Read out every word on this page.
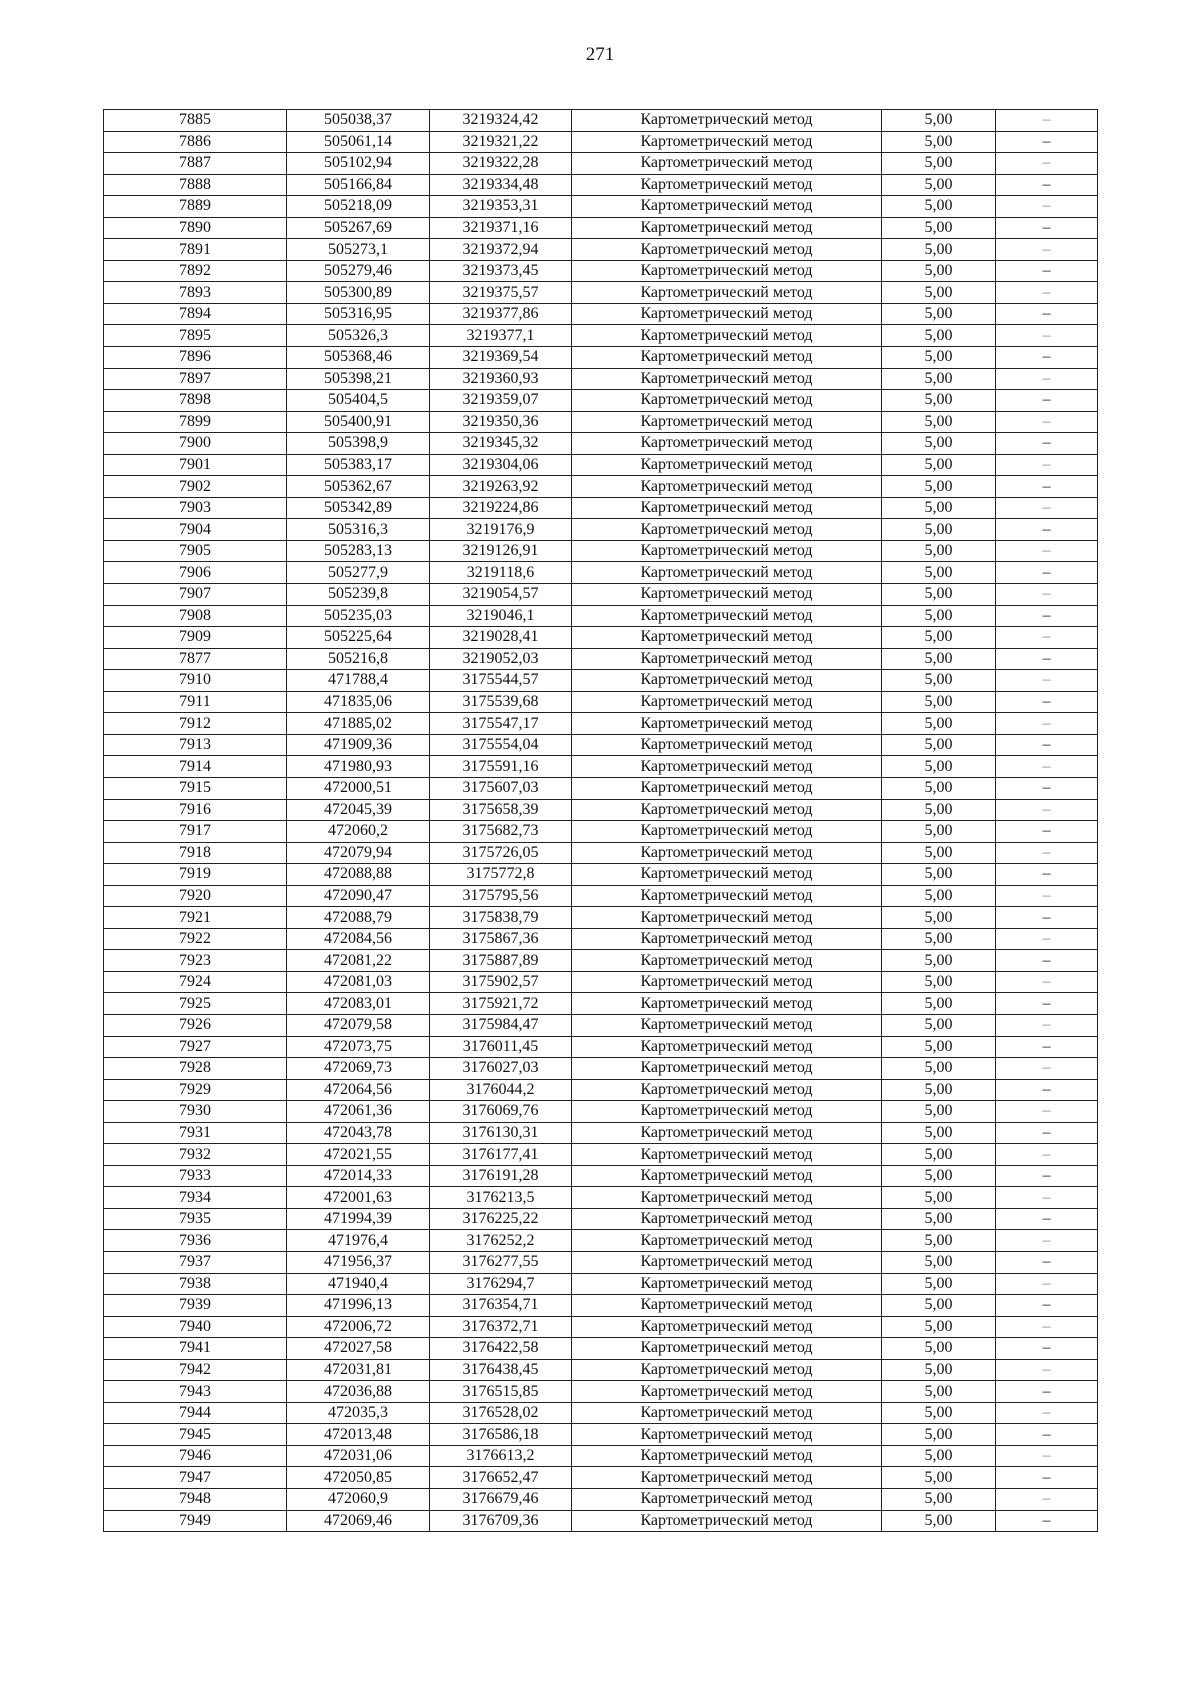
271
7885	505038,37	3219324,42	Картометрический метод	5,00	–
7886	505061,14	3219321,22	Картометрический метод	5,00	–
7887	505102,94	3219322,28	Картометрический метод	5,00	–
7888	505166,84	3219334,48	Картометрический метод	5,00	–
7889	505218,09	3219353,31	Картометрический метод	5,00	–
7890	505267,69	3219371,16	Картометрический метод	5,00	–
7891	505273,1	3219372,94	Картометрический метод	5,00	–
7892	505279,46	3219373,45	Картометрический метод	5,00	–
7893	505300,89	3219375,57	Картометрический метод	5,00	–
7894	505316,95	3219377,86	Картометрический метод	5,00	–
7895	505326,3	3219377,1	Картометрический метод	5,00	–
7896	505368,46	3219369,54	Картометрический метод	5,00	–
7897	505398,21	3219360,93	Картометрический метод	5,00	–
7898	505404,5	3219359,07	Картометрический метод	5,00	–
7899	505400,91	3219350,36	Картометрический метод	5,00	–
7900	505398,9	3219345,32	Картометрический метод	5,00	–
7901	505383,17	3219304,06	Картометрический метод	5,00	–
7902	505362,67	3219263,92	Картометрический метод	5,00	–
7903	505342,89	3219224,86	Картометрический метод	5,00	–
7904	505316,3	3219176,9	Картометрический метод	5,00	–
7905	505283,13	3219126,91	Картометрический метод	5,00	–
7906	505277,9	3219118,6	Картометрический метод	5,00	–
7907	505239,8	3219054,57	Картометрический метод	5,00	–
7908	505235,03	3219046,1	Картометрический метод	5,00	–
7909	505225,64	3219028,41	Картометрический метод	5,00	–
7877	505216,8	3219052,03	Картометрический метод	5,00	–
7910	471788,4	3175544,57	Картометрический метод	5,00	–
7911	471835,06	3175539,68	Картометрический метод	5,00	–
7912	471885,02	3175547,17	Картометрический метод	5,00	–
7913	471909,36	3175554,04	Картометрический метод	5,00	–
7914	471980,93	3175591,16	Картометрический метод	5,00	–
7915	472000,51	3175607,03	Картометрический метод	5,00	–
7916	472045,39	3175658,39	Картометрический метод	5,00	–
7917	472060,2	3175682,73	Картометрический метод	5,00	–
7918	472079,94	3175726,05	Картометрический метод	5,00	–
7919	472088,88	3175772,8	Картометрический метод	5,00	–
7920	472090,47	3175795,56	Картометрический метод	5,00	–
7921	472088,79	3175838,79	Картометрический метод	5,00	–
7922	472084,56	3175867,36	Картометрический метод	5,00	–
7923	472081,22	3175887,89	Картометрический метод	5,00	–
7924	472081,03	3175902,57	Картометрический метод	5,00	–
7925	472083,01	3175921,72	Картометрический метод	5,00	–
7926	472079,58	3175984,47	Картометрический метод	5,00	–
7927	472073,75	3176011,45	Картометрический метод	5,00	–
7928	472069,73	3176027,03	Картометрический метод	5,00	–
7929	472064,56	3176044,2	Картометрический метод	5,00	–
7930	472061,36	3176069,76	Картометрический метод	5,00	–
7931	472043,78	3176130,31	Картометрический метод	5,00	–
7932	472021,55	3176177,41	Картометрический метод	5,00	–
7933	472014,33	3176191,28	Картометрический метод	5,00	–
7934	472001,63	3176213,5	Картометрический метод	5,00	–
7935	471994,39	3176225,22	Картометрический метод	5,00	–
7936	471976,4	3176252,2	Картометрический метод	5,00	–
7937	471956,37	3176277,55	Картометрический метод	5,00	–
7938	471940,4	3176294,7	Картометрический метод	5,00	–
7939	471996,13	3176354,71	Картометрический метод	5,00	–
7940	472006,72	3176372,71	Картометрический метод	5,00	–
7941	472027,58	3176422,58	Картометрический метод	5,00	–
7942	472031,81	3176438,45	Картометрический метод	5,00	–
7943	472036,88	3176515,85	Картометрический метод	5,00	–
7944	472035,3	3176528,02	Картометрический метод	5,00	–
7945	472013,48	3176586,18	Картометрический метод	5,00	–
7946	472031,06	3176613,2	Картометрический метод	5,00	–
7947	472050,85	3176652,47	Картометрический метод	5,00	–
7948	472060,9	3176679,46	Картометрический метод	5,00	–
7949	472069,46	3176709,36	Картометрический метод	5,00	–
